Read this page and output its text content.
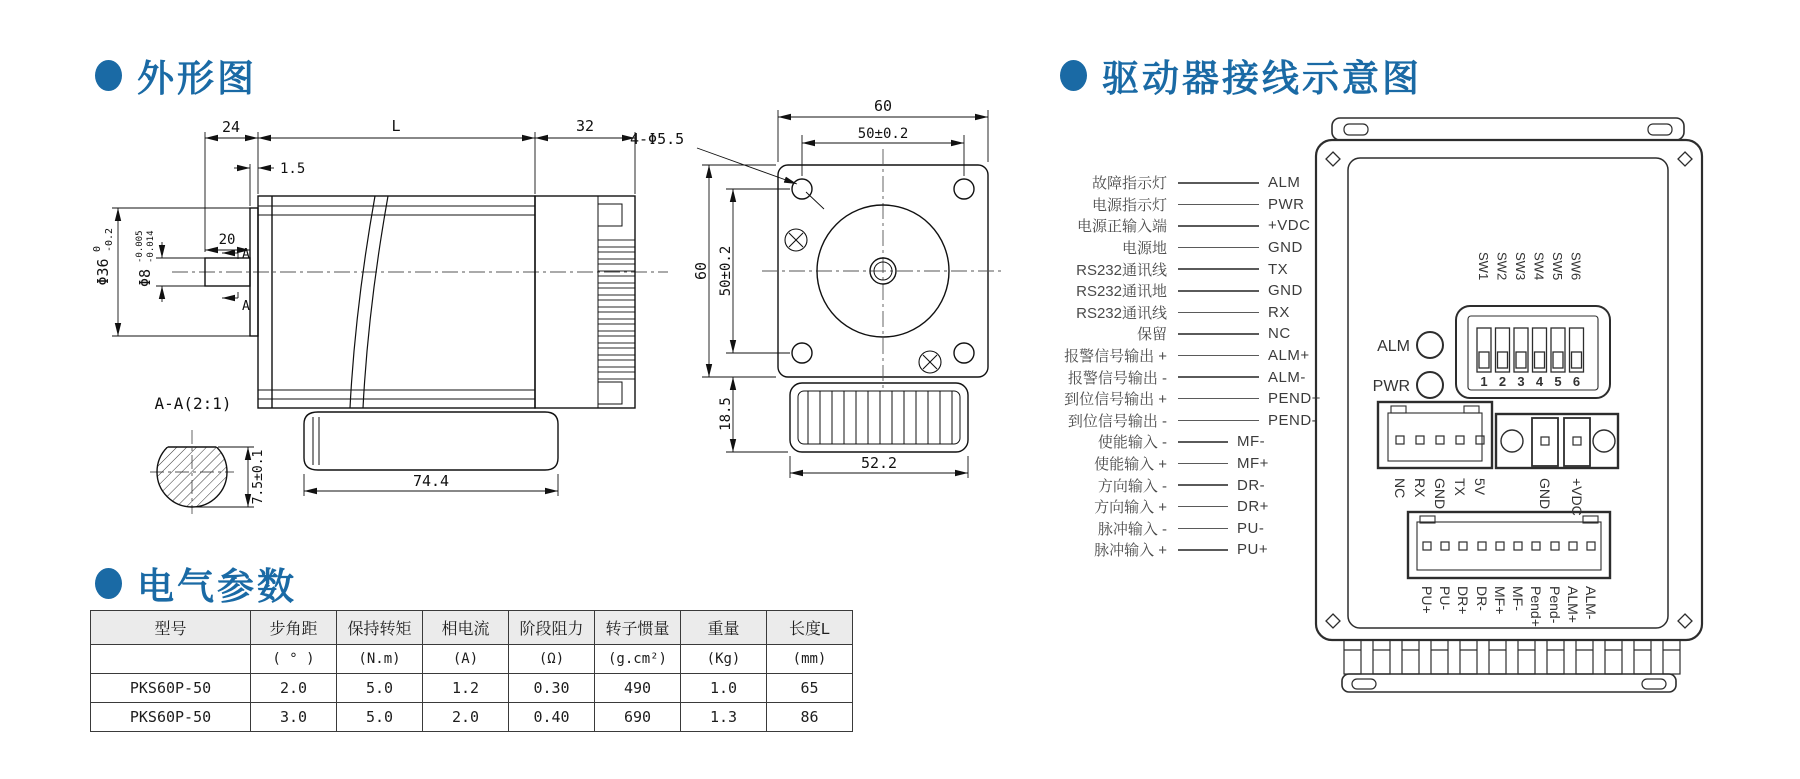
外形图	驱动器接线示意图
电气参数
24	L	32
1.5
20
A
A
Φ36
0 -0.2
Φ8
-0.005 -0.014
74.4
A-A(2:1)
7.5±0.1
4-Φ5.5
60
50±0.2
60 50±0.2
18.5
52.2
故障指示灯	ALM
电源指示灯	PWR
电源正输入端	+VDC
电源地	GND
RS232通讯线	TX
RS232通讯地	GND
RS232通讯线	RX
保留	NC
报警信号输出 +	ALM+
报警信号输出 -	ALM-
到位信号输出 +	PEND+
到位信号输出 -	PEND-
使能输入 -	MF-
使能输入 +	MF+
方向输入 -	DR-
方向输入 +	DR+
脉冲输入 -	PU-
脉冲输入 +	PU+
ALM
PWR
SW1 SW2 SW3 SW4 SW5 SW6
1 2 3 4 5 6
NC RX GND TX 5V	GND +VDC
PU+ PU- DR+ DR- MF+ MF- Pend+ Pend- ALM+ ALM-
型号	步角距	保持转矩	相电流	阶段阻力	转子惯量	重量	长度L
	( ° )	(N.m)	(A)	(Ω)	(g.cm²)	(Kg)	(mm)
PKS60P-50	2.0	5.0	1.2	0.30	490	1.0	65
PKS60P-50	3.0	5.0	2.0	0.40	690	1.3	86
